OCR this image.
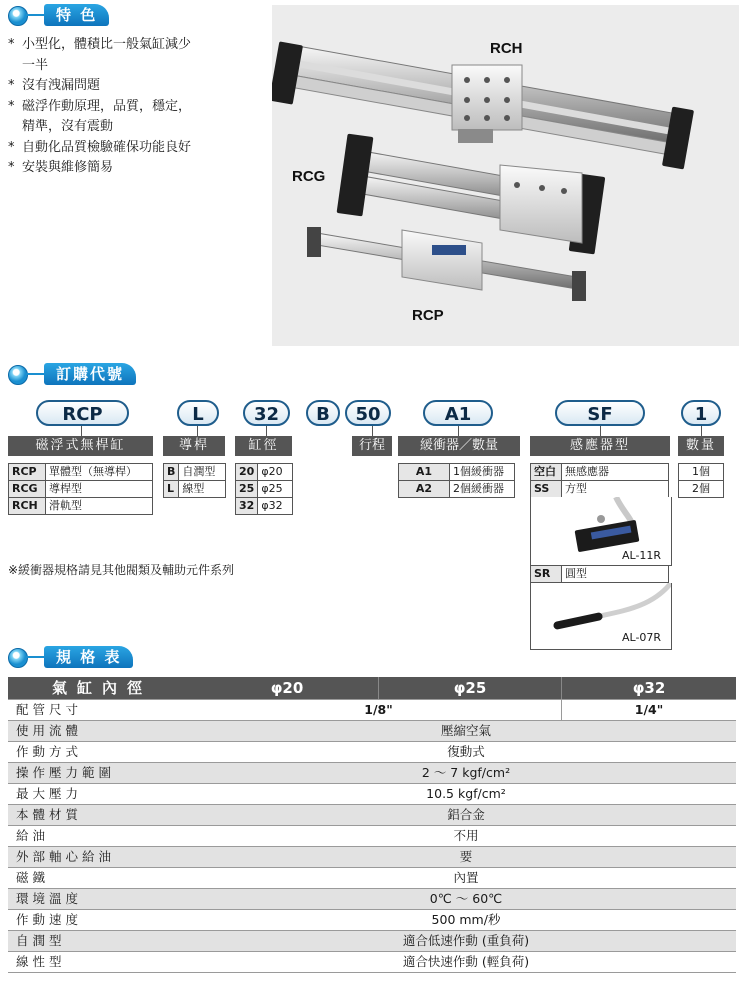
特 色
* 小型化，體積比一般氣缸減少
一半
* 沒有洩漏問題
* 磁浮作動原理，品質，穩定，
精準，沒有震動
* 自動化品質檢驗確保功能良好
* 安裝與維修簡易
RCH
RCG
RCP
訂購代號
RCP	L	32	B	50	A1	SF	1
磁浮式無桿缸	導桿	缸徑	行程	緩衝器／數量	感應器型	數量
RCP	單體型（無導桿）
RCG	導桿型
RCH	滑軌型
B	自潤型
L	線型
20	φ20
25	φ25
32	φ32
A1	1個緩衝器
A2	2個緩衝器
空白	無感應器
SS	方型
AL-11R
SR	圓型
AL-07R
1個
2個
※緩衝器規格請見其他閥類及輔助元件系列
規 格 表
氣缸內徑	φ20	φ25	φ32
配管尺寸	1/8"		1/4"
使用流體	壓縮空氣		
作動方式	復動式		
操作壓力範圍	2 ～ 7 kgf/cm²		
最大壓力	10.5 kgf/cm²		
本體材質	鋁合金		
給油	不用		
外部軸心給油	要		
磁鐵	內置		
環境溫度	0℃ ～ 60℃		
作動速度	500 mm/秒		
自潤型	適合低速作動 (重負荷)		
線性型	適合快速作動 (輕負荷)		
